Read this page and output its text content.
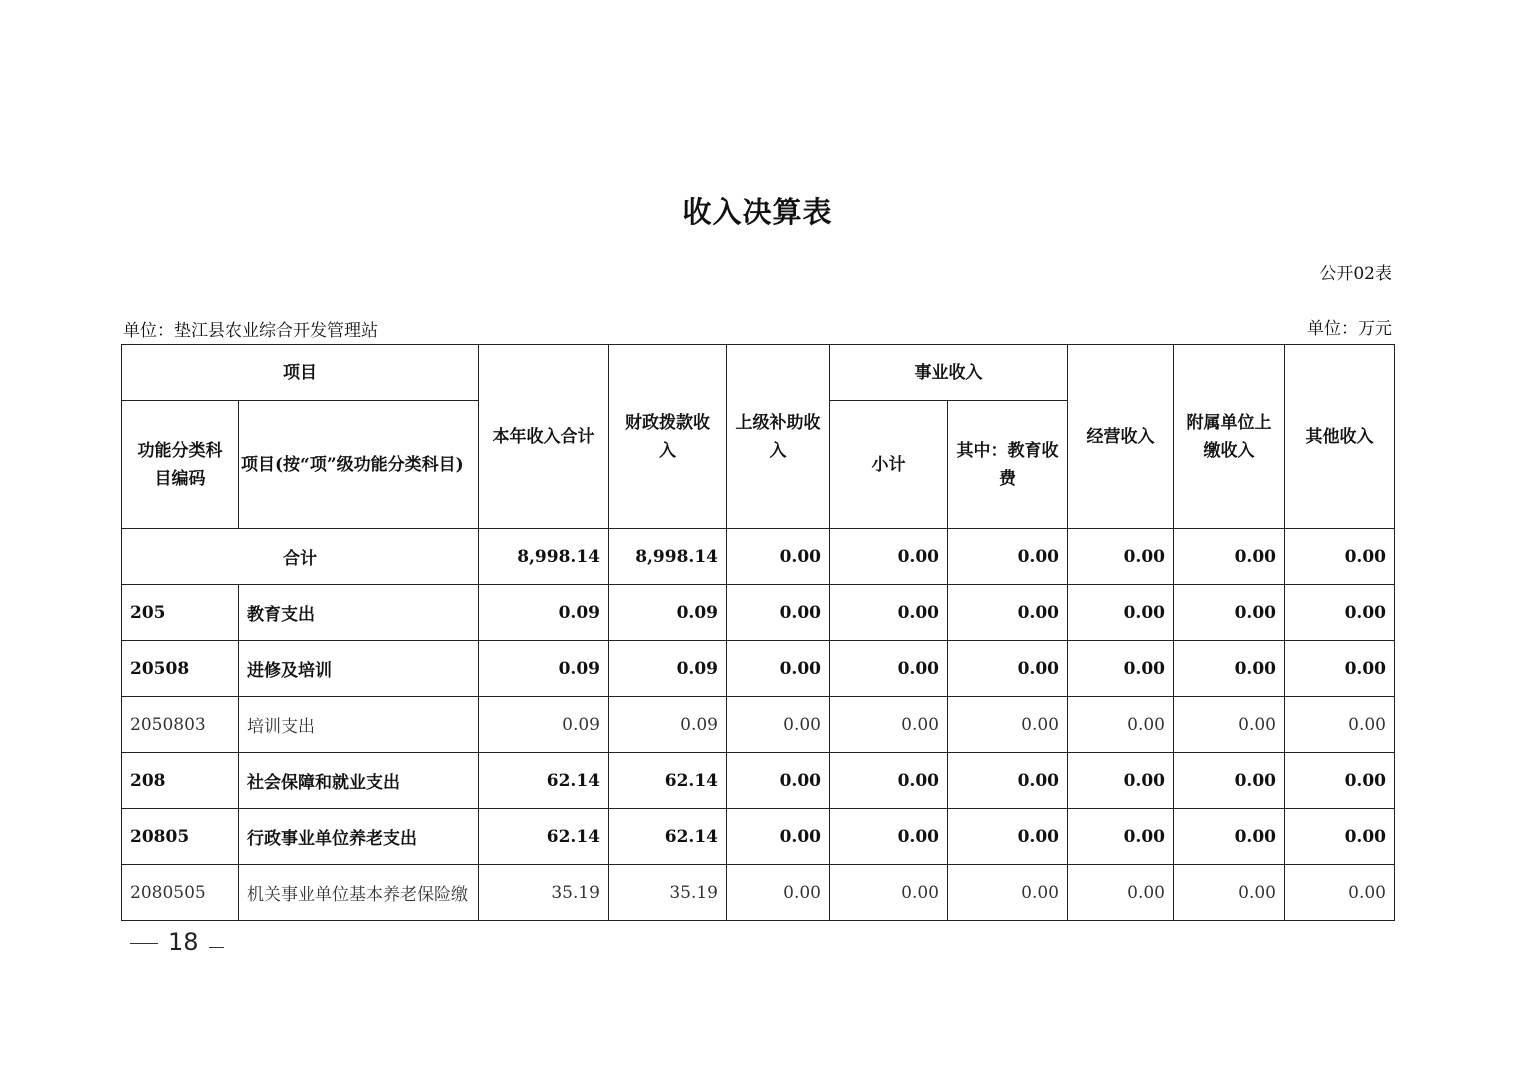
收入决算表
公开02表
单位：垫江县农业综合开发管理站	单位：万元
项目		本年收入合计	财政拨款收入	上级补助收入	事业收入		经营收入	附属单位上缴收入	其他收入
功能分类科目编码	项目(按“项”级功能分类科目)				小计	其中：教育收费			
合计		8,998.14	8,998.14	0.00	0.00	0.00	0.00	0.00	0.00
205	教育支出	0.09	0.09	0.00	0.00	0.00	0.00	0.00	0.00
20508	进修及培训	0.09	0.09	0.00	0.00	0.00	0.00	0.00	0.00
2050803	培训支出	0.09	0.09	0.00	0.00	0.00	0.00	0.00	0.00
208	社会保障和就业支出	62.14	62.14	0.00	0.00	0.00	0.00	0.00	0.00
20805	行政事业单位养老支出	62.14	62.14	0.00	0.00	0.00	0.00	0.00	0.00
2080505	机关事业单位基本养老保险缴	35.19	35.19	0.00	0.00	0.00	0.00	0.00	0.00
18
